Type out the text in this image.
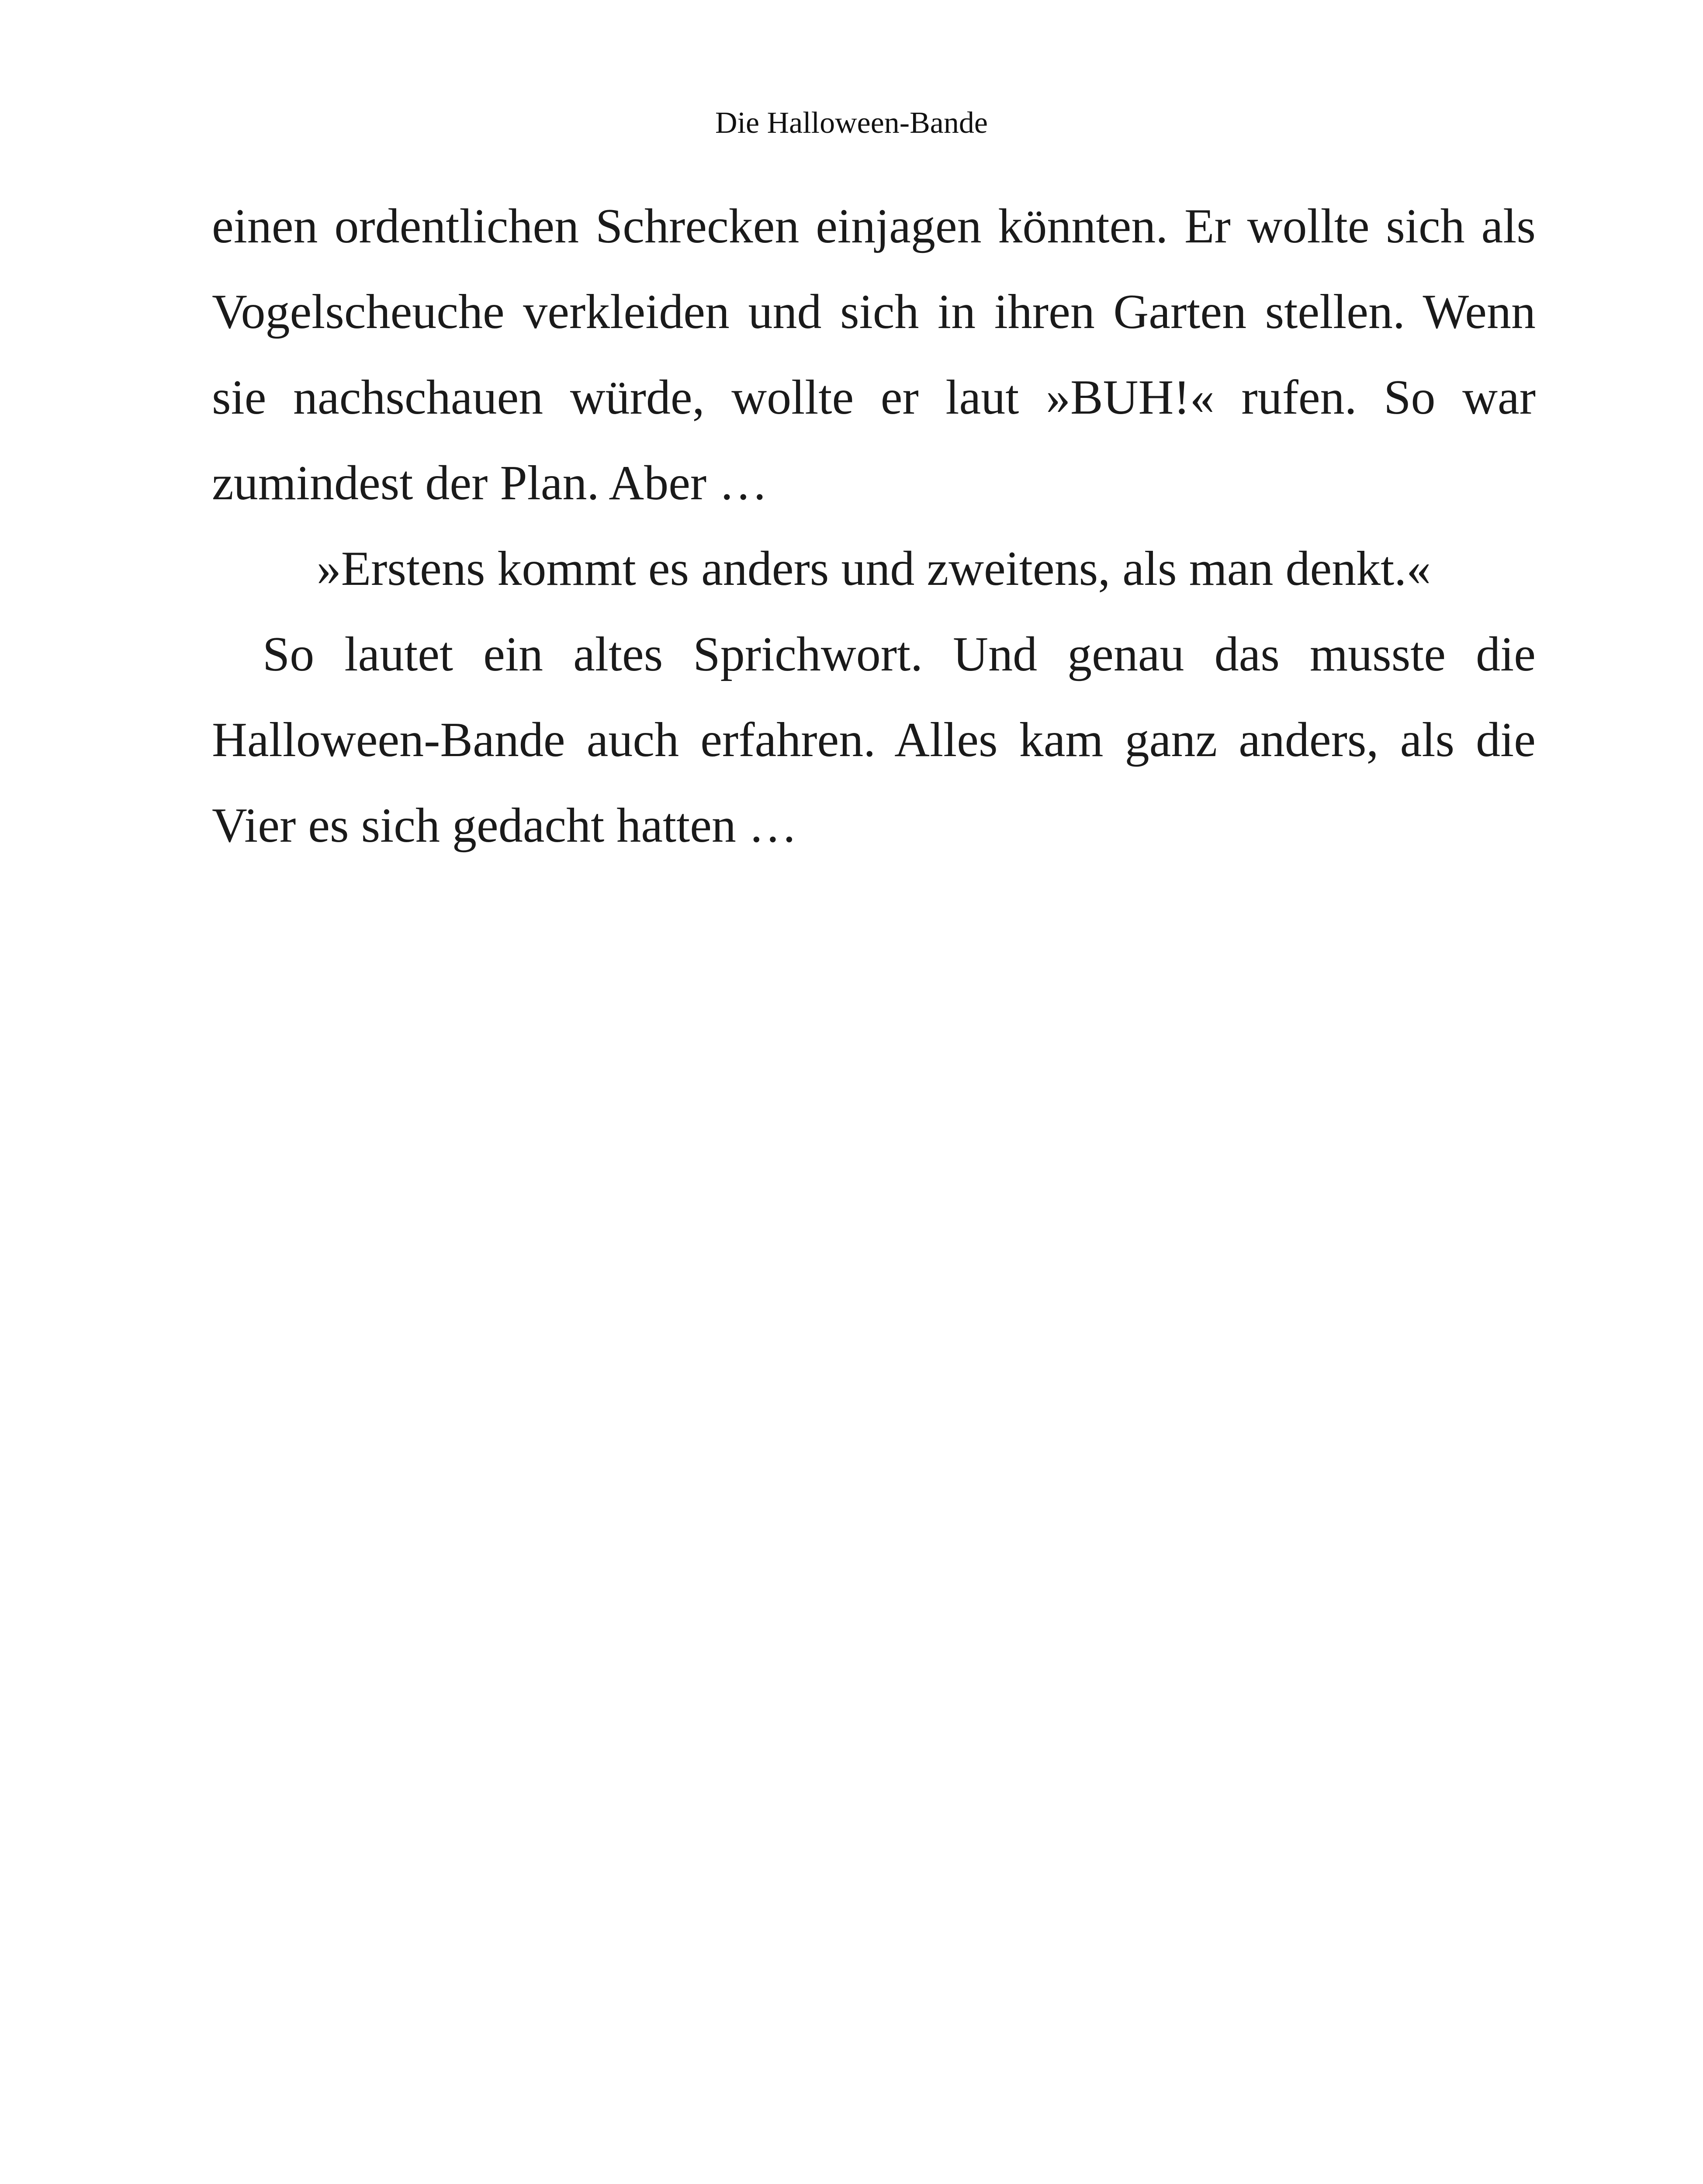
Die Halloween-Bande

einen ordentlichen Schrecken einjagen könnten. Er wollte sich als Vogelscheuche verkleiden und sich in ihren Garten stellen. Wenn sie nachschauen würde, wollte er laut »BUH!« rufen. So war zumindest der Plan. Aber …

»Erstens kommt es anders und zweitens, als man denkt.«

So lautet ein altes Sprichwort. Und genau das musste die Halloween-Bande auch erfahren. Alles kam ganz anders, als die Vier es sich gedacht hatten …
